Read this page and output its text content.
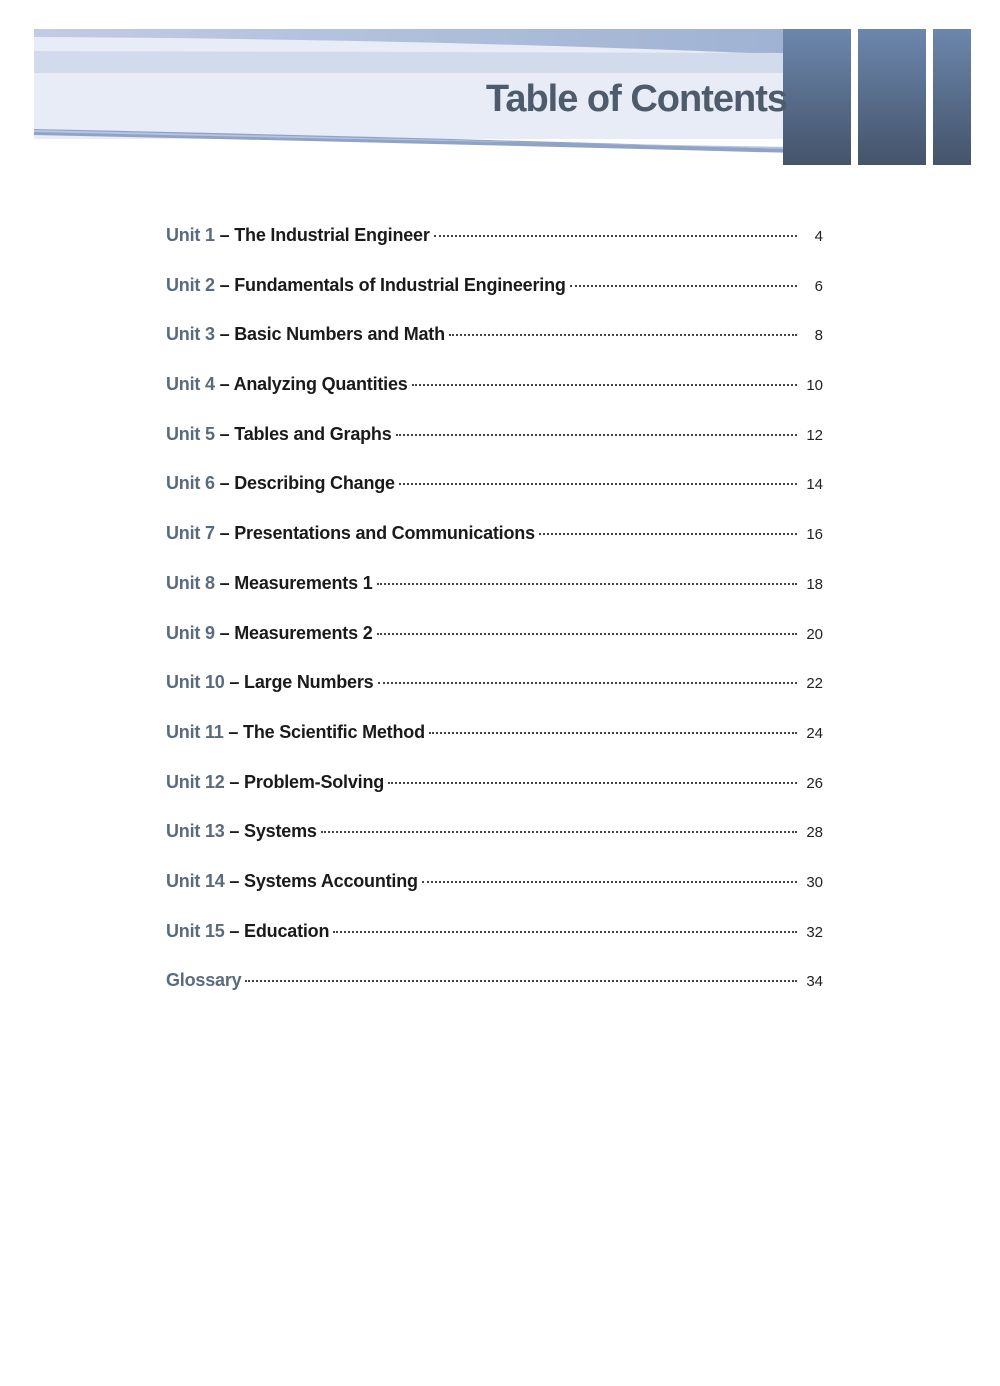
Table of Contents
Unit 1 – The Industrial Engineer	4
Unit 2 – Fundamentals of Industrial Engineering	6
Unit 3 – Basic Numbers and Math	8
Unit 4 – Analyzing Quantities	10
Unit 5 – Tables and Graphs	12
Unit 6 – Describing Change	14
Unit 7 – Presentations and Communications	16
Unit 8 – Measurements 1	18
Unit 9 – Measurements 2	20
Unit 10 – Large Numbers	22
Unit 11 – The Scientific Method	24
Unit 12 – Problem-Solving	26
Unit 13 – Systems	28
Unit 14 – Systems Accounting	30
Unit 15 – Education	32
Glossary	34
